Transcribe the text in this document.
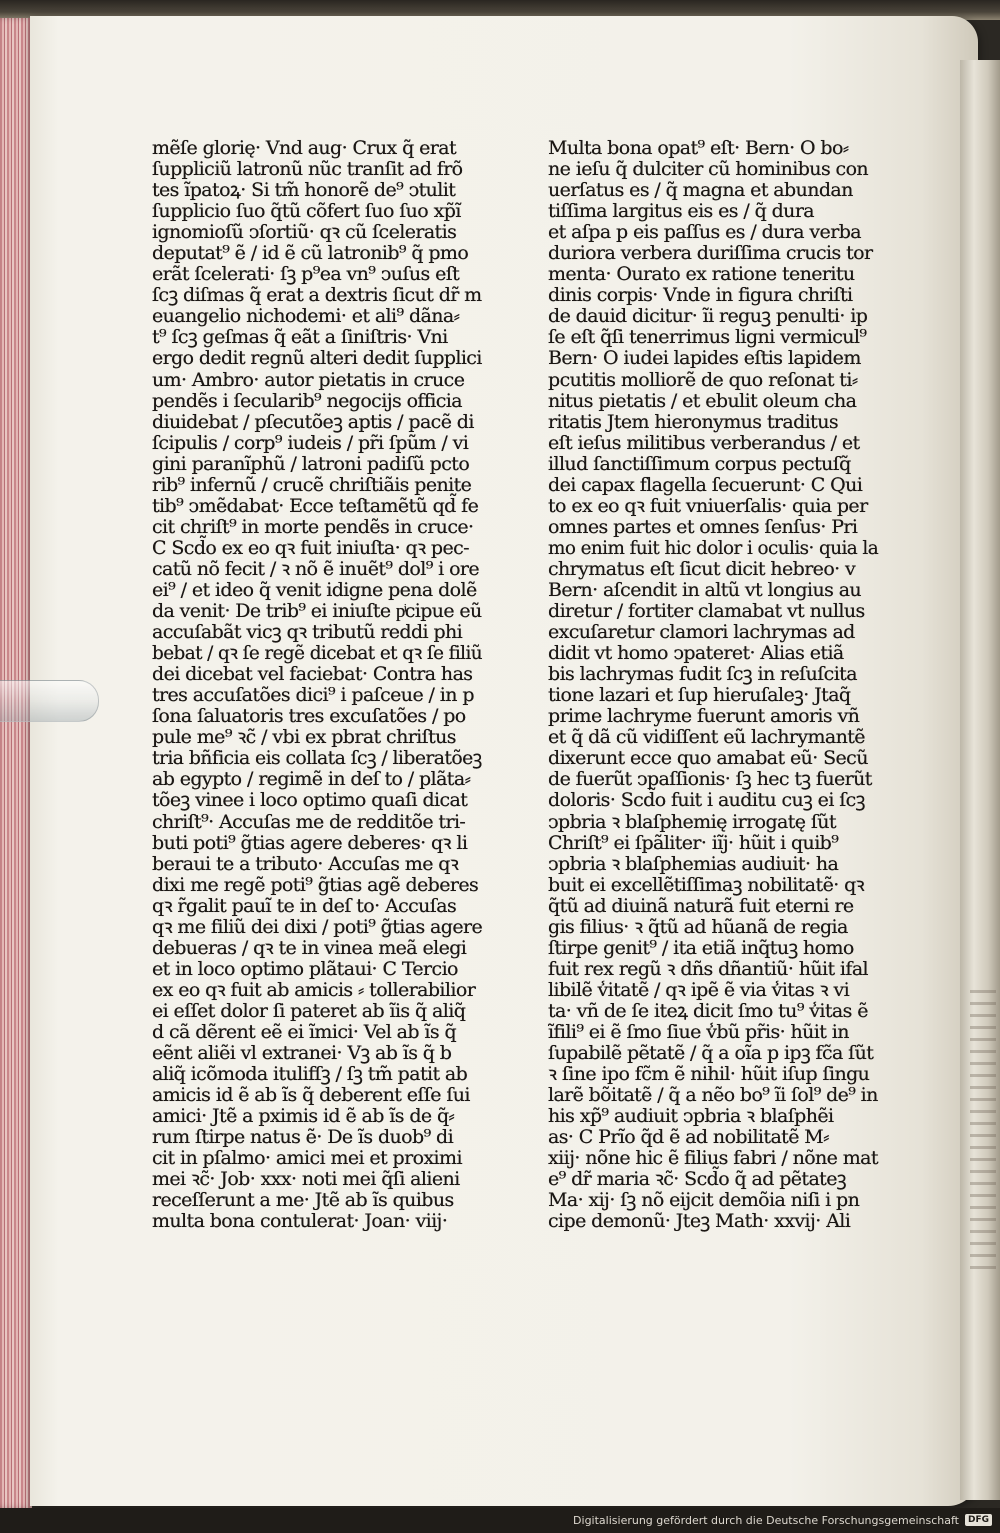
mẽſe glorię· Vnd aug· Crux q̃ erat
ſuppliciũ latronũ nũc tranſit ad frõ
tes ĩpatoꝝ· Si tm̃ honorẽ de⁹ ↄtulit
ſupplicio ſuo q̃tũ cõfert ſuo ſuo xp̃ĩ
ignomioſũ ↄſortiũ· qꝛ cũ ſceleratis
deputat⁹ ẽ / id ẽ cũ latronib⁹ q̃ pmo
erãt ſcelerati· ſꝫ p⁹ea vn⁹ ↄuſus eſt
ſcꝫ diſmas q̃ erat a dextris ſicut dr̃ m
euangelio nichodemi· et ali⁹ dãna⸗
t⁹ ſcꝫ geſmas q̃ eãt a ſiniſtris· Vni
ergo dedit regnũ alteri dedit ſupplici
um· Ambro· autor pietatis in cruce
pendẽs i ſecularib⁹ negocijs officia
diuidebat / pſecutõeꝫ aptis / pacẽ di
ſcipulis / corp⁹ iudeis / pr̃i ſpũm / vi
gini paranĩphũ / latroni padiſũ pcto
rib⁹ infernũ / crucẽ chriſtiãis penite
tib⁹ ↄmẽdabat· Ecce teſtamẽtũ qd̃ fe
cit chriſt⁹ in morte pendẽs in cruce·
C Scd̃o ex eo qꝛ fuit iniuſta· qꝛ pec-
catũ nõ fecit / ꝛ nõ ẽ inuẽt⁹ dol⁹ i ore
ei⁹ / et ideo q̃ venit idigne pena dolẽ
da venit· De trib⁹ ei iniuſte pͥcipue eũ
accuſabãt vicꝫ qꝛ tributũ reddi phi
bebat / qꝛ ſe regẽ dicebat et qꝛ ſe filiũ
dei dicebat vel faciebat· Contra has
tres accuſatões dici⁹ i paſceue / in p
ſona ſaluatoris tres excuſatões / po
pule me⁹ ꝛc̃ / vbi ex pbrat chriſtus
tria bñficia eis collata ſcꝫ / liberatõeꝫ
ab egypto / regimẽ in deſ to / plãta⸗
tõeꝫ vinee i loco optimo quaſi dicat
chriſt⁹· Accuſas me de redditõe tri-
buti poti⁹ g̃tias agere deberes· qꝛ li
beraui te a tributo· Accuſas me qꝛ
dixi me regẽ poti⁹ g̃tias agẽ deberes
qꝛ r̃galit pauĩ te in deſ to· Accuſas
qꝛ me filiũ dei dixi / poti⁹ g̃tias agere
debueras / qꝛ te in vinea meã elegi
et in loco optimo plãtaui· C Tercio
ex eo qꝛ fuit ab amicis ⸗ tollerabilior
ei eſſet dolor ſi pateret ab ĩis q̃ aliq̃
d cã dẽrent eẽ ei ĩmici· Vel ab ĩs q̃
eẽnt aliẽi vl extranei· Vꝫ ab ĩs q̃ b
aliq̃ icõmoda itulifſꝫ / ſꝫ tm̃ patit ab
amicis id ẽ ab ĩs q̃ deberent eſſe ſui
amici· Jtẽ a pximis id ẽ ab ĩs de q̃⸗
rum ſtirpe natus ẽ· De ĩs duob⁹ di
cit in pſalmo· amici mei et proximi
mei ꝛc̃· Job· xxx· noti mei q̃ſi alieni
receſſerunt a me· Jtẽ ab ĩs quibus
multa bona contulerat· Joan· viij·
Multa bona opat⁹ eſt· Bern· O bo⸗
ne ieſu q̃ dulciter cũ hominibus con
uerſatus es / q̃ magna et abundan
tiſſima largitus eis es / q̃ dura
et aſpa p eis paſſus es / dura verba
duriora verbera duriſſima crucis tor
menta· Ourato ex ratione teneritu
dinis corpis· Vnde in figura chriſti
de dauid dicitur· ĩi reguꝫ penulti· ip
ſe eſt q̃ſi tenerrimus ligni vermicul⁹
Bern· O iudei lapides eſtis lapidem
pcutitis molliorẽ de quo reſonat ti⸗
nitus pietatis / et ebulit oleum cha
ritatis Jtem hieronymus traditus
eſt ieſus militibus verberandus / et
illud ſanctiſſimum corpus pectuſq̃
dei capax flagella ſecuerunt· C Qui
to ex eo qꝛ fuit vniuerſalis· quia per
omnes partes et omnes ſenſus· Pri
mo enim fuit hic dolor i oculis· quia la
chrymatus eſt ſicut dicit hebreo· v
Bern· aſcendit in altũ vt longius au
diretur / fortiter clamabat vt nullus
excuſaretur clamori lachrymas ad
didit vt homo ↄpateret· Alias etiã
bis lachrymas fudit ſcꝫ in reſuſcita
tione lazari et ſup hieruſaleꝫ· Jtaq̃
prime lachryme fuerunt amoris vñ
et q̃ dã cũ vidiſſent eũ lachrymantẽ
dixerunt ecce quo amabat eũ· Secũ
de fuerũt ↄpaſſionis· ſꝫ hec tꝫ fuerũt
doloris· Scd̃o fuit i auditu cuꝫ ei ſcꝫ
ↄpbria ꝛ blaſphemię irrogatę ſũt
Chriſt⁹ ei ſpãliter· iĩj· hũit i quib⁹
ↄpbria ꝛ blaſphemias audiuit· ha
buit ei excellẽtiſſimaꝫ nobilitatẽ· qꝛ
q̃tũ ad diuinã naturã fuit eterni re
gis filius· ꝛ q̃tũ ad hũanã de regia
ſtirpe genit⁹ / ita etiã inq̃tuꝫ homo
fuit rex regũ ꝛ dñs dñantiũ· hũit ifal
libilẽ v̾itatẽ / qꝛ ipẽ ẽ via v̾itas ꝛ vi
ta· vñ de ſe iteꝝ dicit ſmo tu⁹ v̾itas ẽ
ĩfili⁹ ei ẽ ſmo ſiue v̾bũ pr̃is· hũit in
ſupabilẽ pẽtatẽ / q̃ a oĩa p ipꝫ fc̃a ſũt
ꝛ ſine ipo fc̃m ẽ nihil· hũit iſup ſingu
larẽ bõitatẽ / q̃ a nẽo bo⁹ ĩi ſol⁹ de⁹ in
his xp̃⁹ audiuit ↄpbria ꝛ blaſphẽi
as· C Prĩo q̃d ẽ ad nobilitatẽ M⸗
xiij· nõne hic ẽ filius fabri / nõne mat
e⁹ dr̃ maria ꝛc̃· Scd̃o q̃ ad pẽtateꝫ
Ma· xij· ſꝫ nõ eijcit demõia niſi i pn
cipe demonũ· Jteꝫ Math· xxvij· Ali
Digitalisierung gefördert durch die Deutsche Forschungsgemeinschaft	DFG
